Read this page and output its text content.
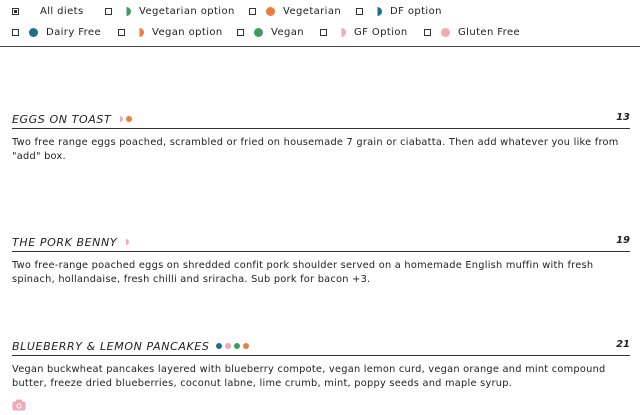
All diets	Vegetarian option	Vegetarian	DF option
Dairy Free	Vegan option	Vegan	GF Option	Gluten Free
EGGS ON TOAST	13
Two free range eggs poached, scrambled or fried on housemade 7 grain or ciabatta. Then add whatever you like from "add" box.
THE PORK BENNY	19
Two free-range poached eggs on shredded confit pork shoulder served on a homemade English muffin with fresh spinach, hollandaise, fresh chilli and sriracha. Sub pork for bacon +3.
BLUEBERRY & LEMON PANCAKES	21
Vegan buckwheat pancakes layered with blueberry compote, vegan lemon curd, vegan orange and mint compound butter, freeze dried blueberries, coconut labne, lime crumb, mint, poppy seeds and maple syrup.
